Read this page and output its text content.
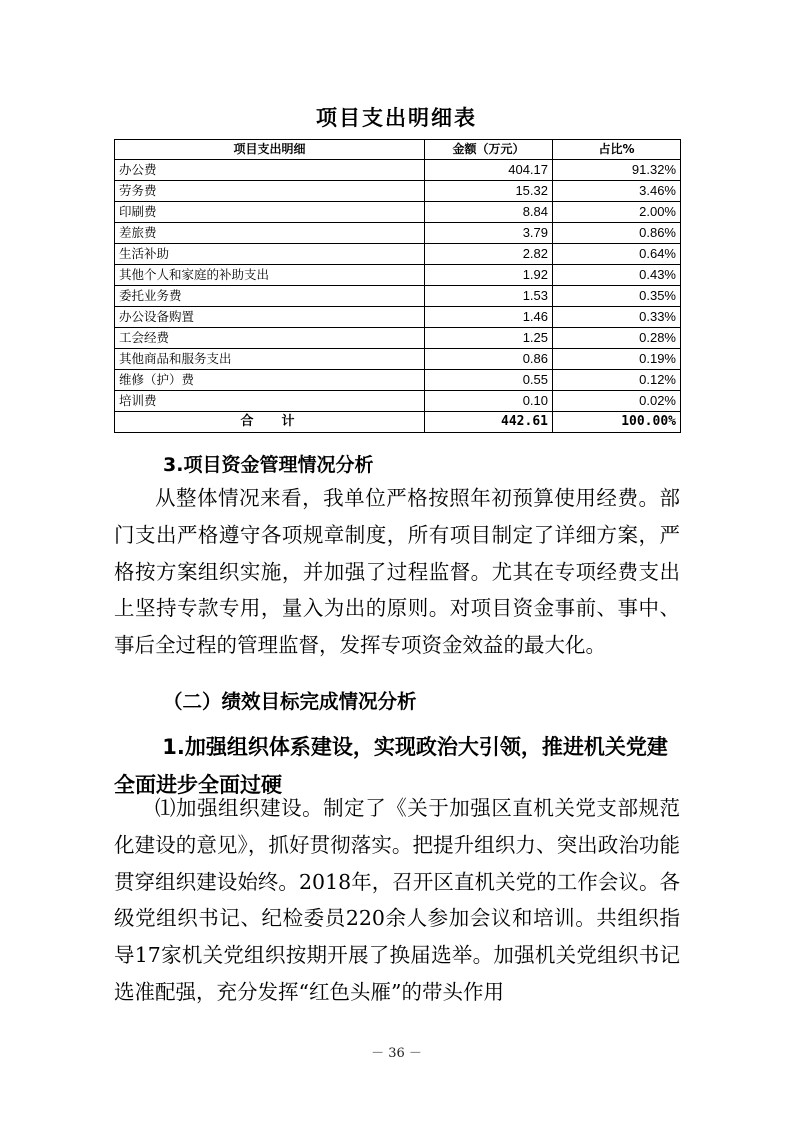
项目支出明细表
项目支出明细	金额（万元）	占比%
办公费	404.17	91.32%
劳务费	15.32	3.46%
印刷费	8.84	2.00%
差旅费	3.79	0.86%
生活补助	2.82	0.64%
其他个人和家庭的补助支出	1.92	0.43%
委托业务费	1.53	0.35%
办公设备购置	1.46	0.33%
工会经费	1.25	0.28%
其他商品和服务支出	0.86	0.19%
维修（护）费	0.55	0.12%
培训费	0.10	0.02%
合计	442.61	100.00%
3.项目资金管理情况分析

从整体情况来看，我单位严格按照年初预算使用经费。部门支出严格遵守各项规章制度，所有项目制定了详细方案，严格按方案组织实施，并加强了过程监督。尤其在专项经费支出上坚持专款专用，量入为出的原则。对项目资金事前、事中、事后全过程的管理监督，发挥专项资金效益的最大化。

（二）绩效目标完成情况分析

1.加强组织体系建设，实现政治大引领，推进机关党建全面进步全面过硬

⑴加强组织建设。制定了《关于加强区直机关党支部规范化建设的意见》，抓好贯彻落实。把提升组织力、突出政治功能贯穿组织建设始终。2018年，召开区直机关党的工作会议。各级党组织书记、纪检委员220余人参加会议和培训。共组织指导17家机关党组织按期开展了换届选举。加强机关党组织书记选准配强，充分发挥“红色头雁”的带头作用

－ 36 －
